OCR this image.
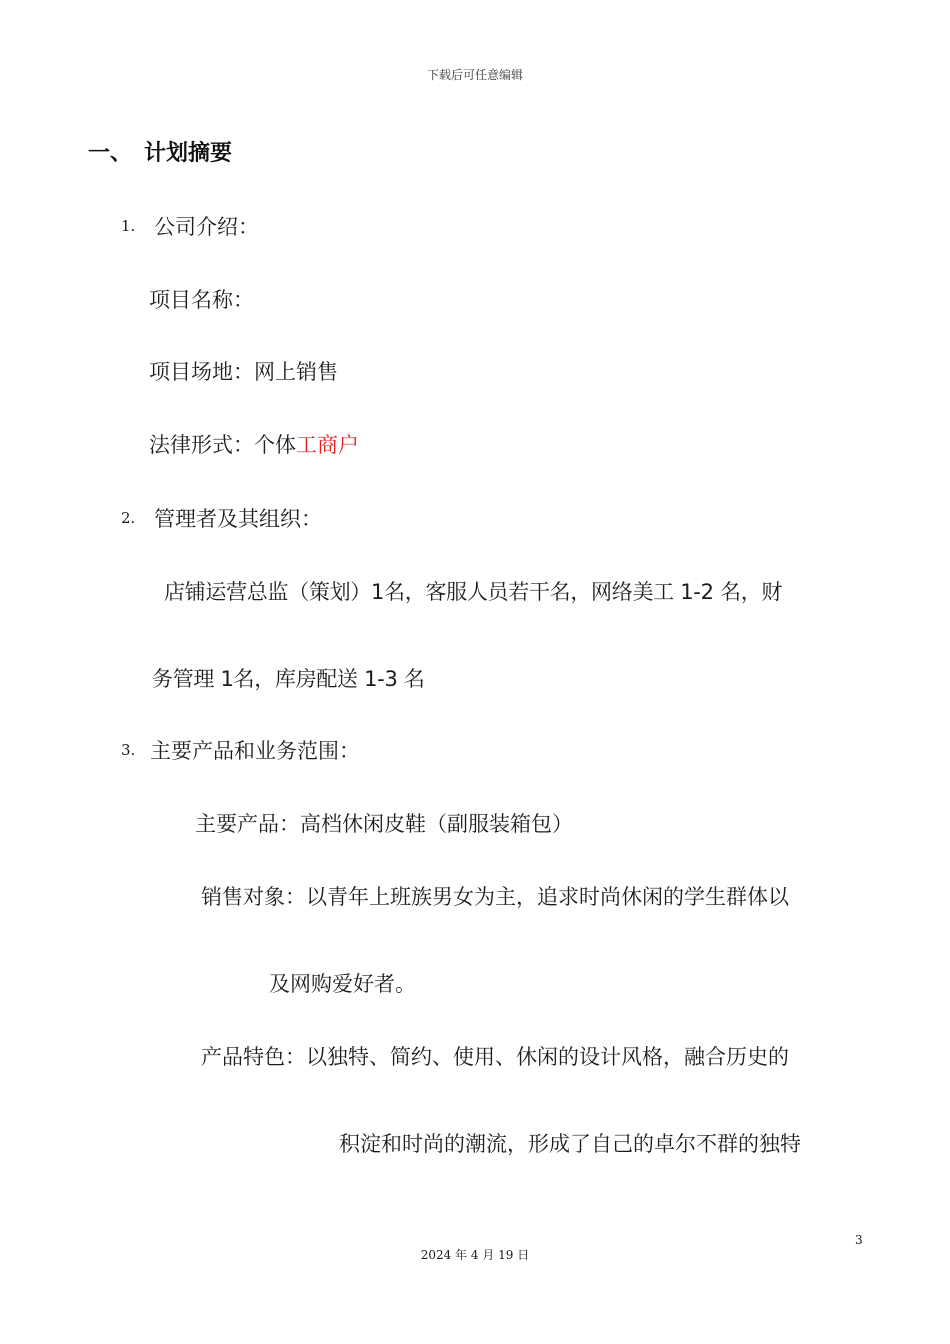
下载后可任意编辑
一、 计划摘要
1. 公司介绍：
项目名称：
项目场地：网上销售
法律形式：个体工商户
2. 管理者及其组织：
店铺运营总监（策划）1名，客服人员若干名，网络美工 1-2 名，财
务管理 1名，库房配送 1-3 名
3. 主要产品和业务范围：
主要产品：高档休闲皮鞋（副服装箱包）
销售对象：以青年上班族男女为主，追求时尚休闲的学生群体以
及网购爱好者。
产品特色：以独特、简约、使用、休闲的设计风格，融合历史的
积淀和时尚的潮流，形成了自己的卓尔不群的独特
3
2024 年 4 月 19 日
